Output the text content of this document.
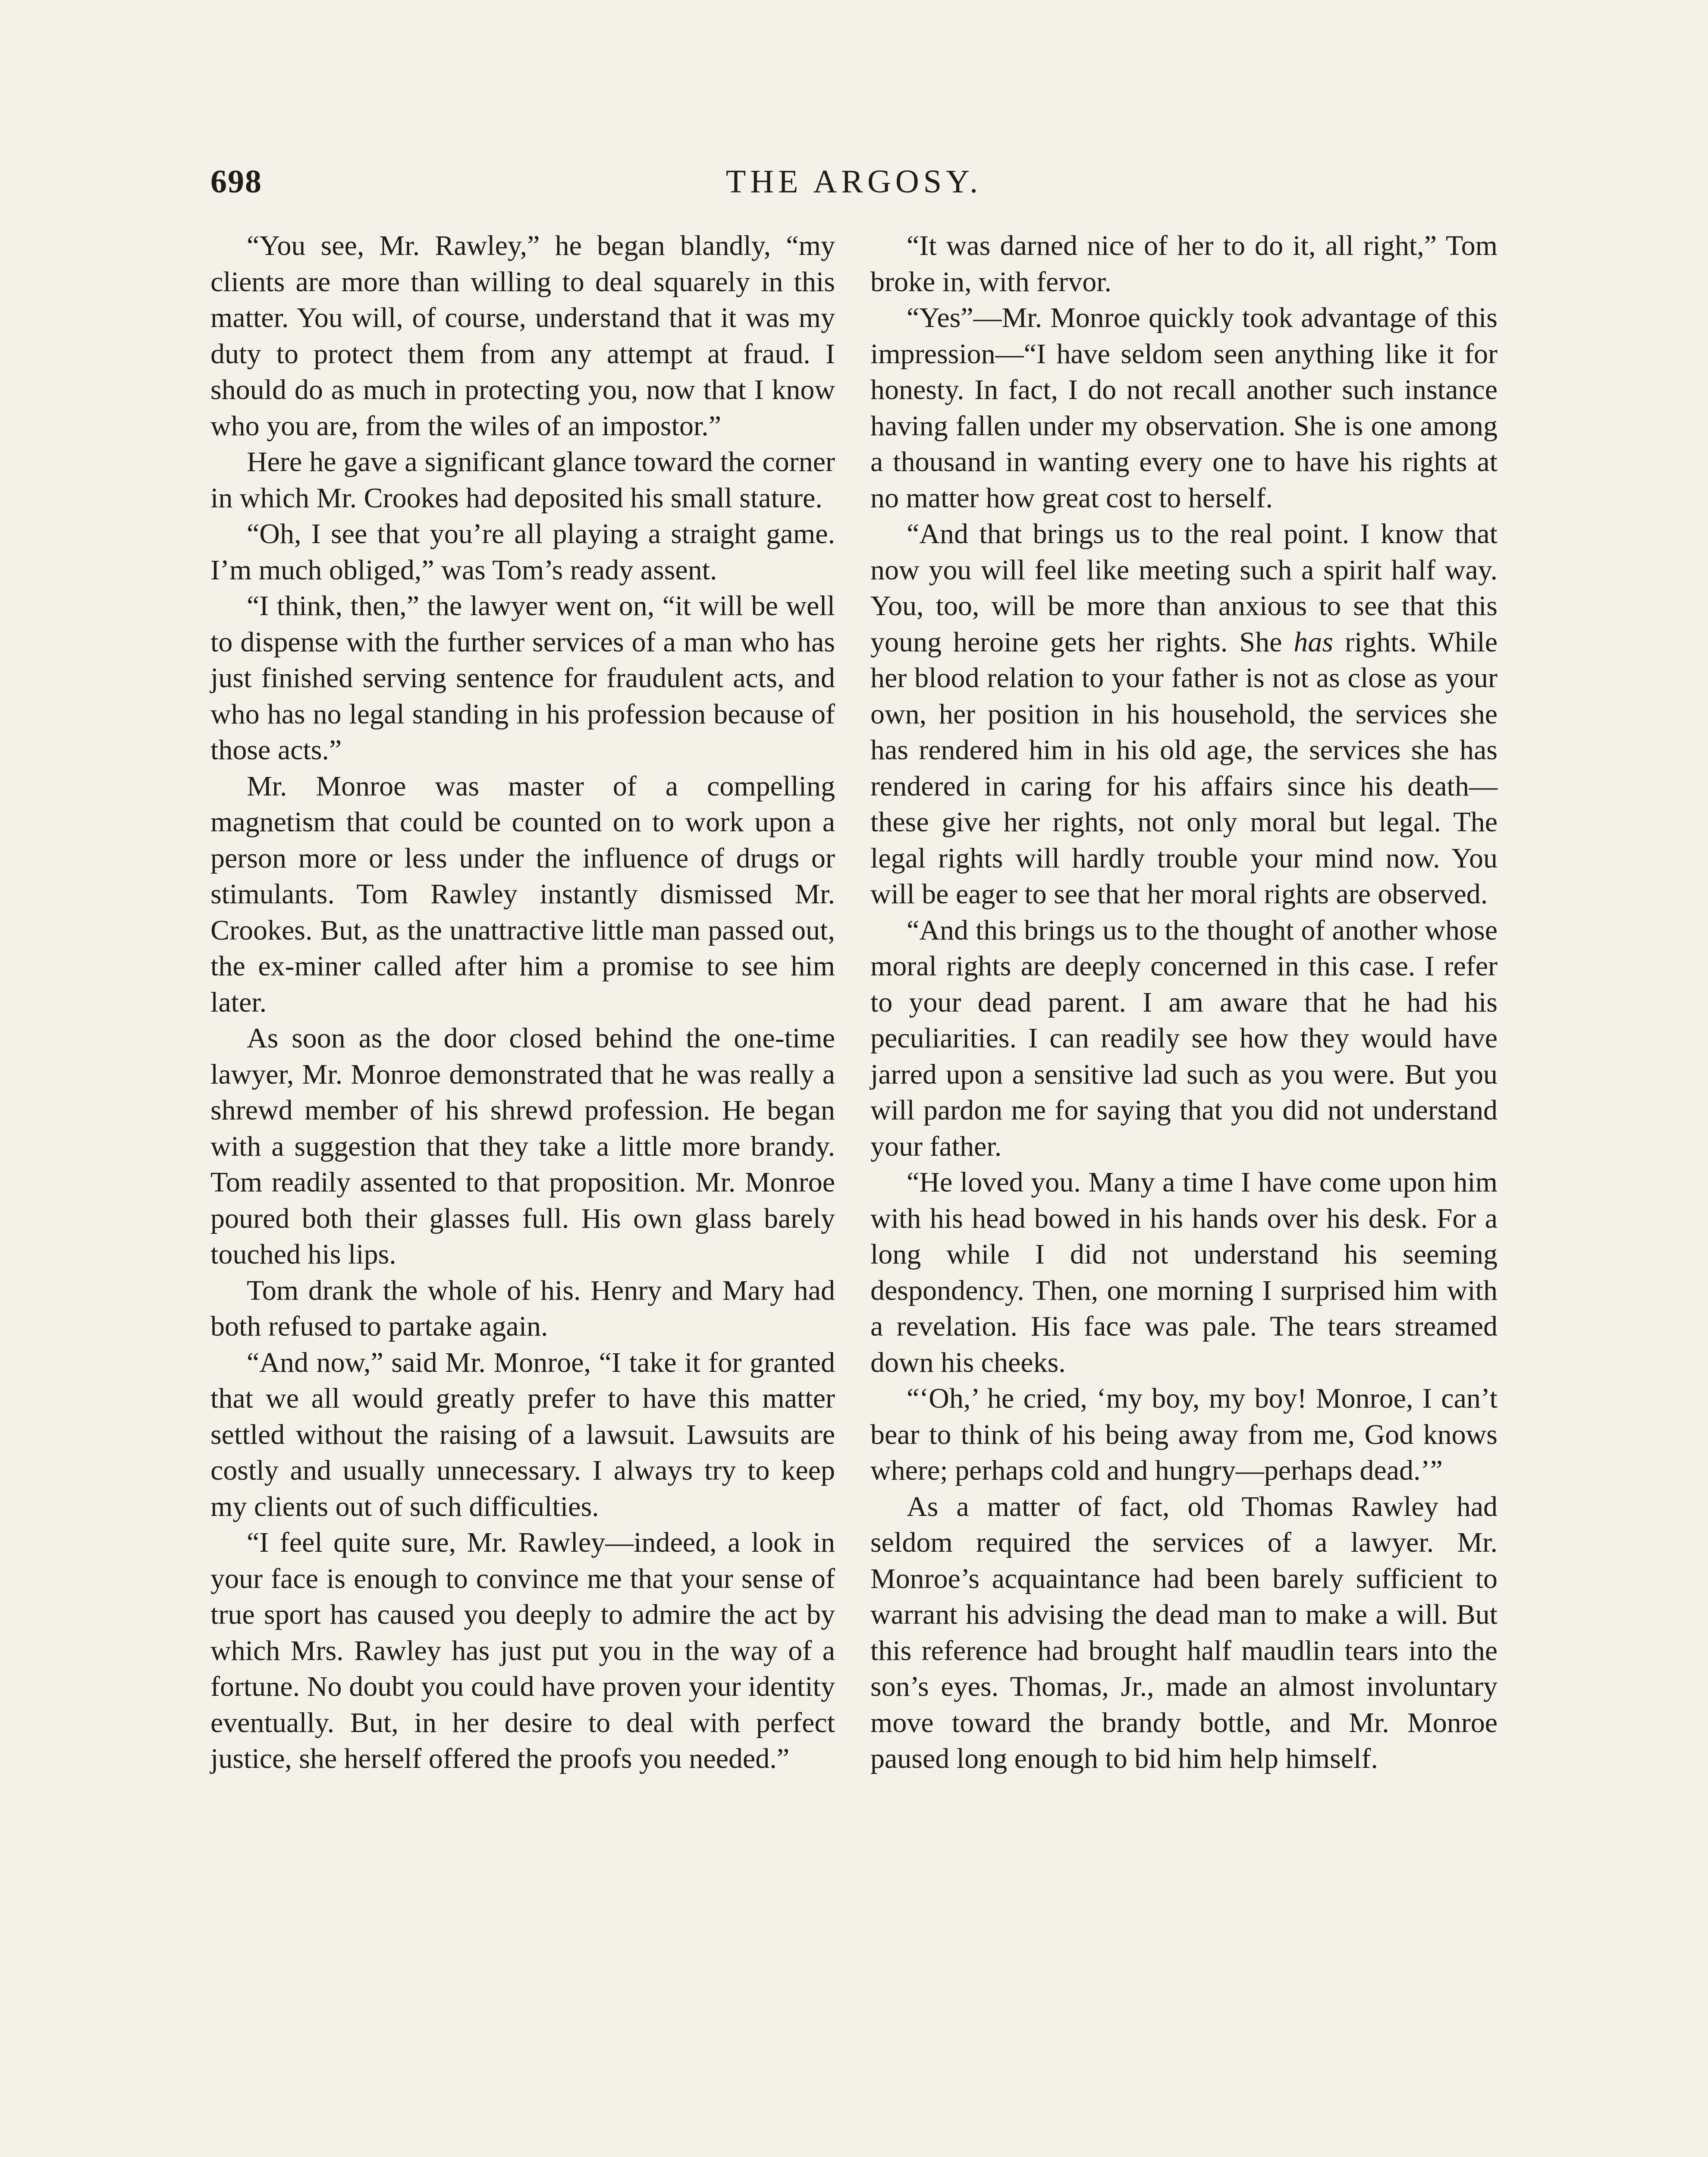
698	THE ARGOSY.

“You see, Mr. Rawley,” he began blandly, “my clients are more than willing to deal squarely in this matter. You will, of course, understand that it was my duty to protect them from any attempt at fraud. I should do as much in protecting you, now that I know who you are, from the wiles of an impostor.”

Here he gave a significant glance toward the corner in which Mr. Crookes had deposited his small stature.

“Oh, I see that you’re all playing a straight game. I’m much obliged,” was Tom’s ready assent.

“I think, then,” the lawyer went on, “it will be well to dispense with the further services of a man who has just finished serving sentence for fraudulent acts, and who has no legal standing in his profession because of those acts.”

Mr. Monroe was master of a compelling magnetism that could be counted on to work upon a person more or less under the influence of drugs or stimulants. Tom Rawley instantly dismissed Mr. Crookes. But, as the unattractive little man passed out, the ex-miner called after him a promise to see him later.

As soon as the door closed behind the one-time lawyer, Mr. Monroe demonstrated that he was really a shrewd member of his shrewd profession. He began with a suggestion that they take a little more brandy. Tom readily assented to that proposition. Mr. Monroe poured both their glasses full. His own glass barely touched his lips.

Tom drank the whole of his. Henry and Mary had both refused to partake again.

“And now,” said Mr. Monroe, “I take it for granted that we all would greatly prefer to have this matter settled without the raising of a lawsuit. Lawsuits are costly and usually unnecessary. I always try to keep my clients out of such difficulties.

“I feel quite sure, Mr. Rawley—indeed, a look in your face is enough to convince me that your sense of true sport has caused you deeply to admire the act by which Mrs. Rawley has just put you in the way of a fortune. No doubt you could have proven your identity eventually. But, in her desire to deal with perfect justice, she herself offered the proofs you needed.”

“It was darned nice of her to do it, all right,” Tom broke in, with fervor.

“Yes”—Mr. Monroe quickly took advantage of this impression—“I have seldom seen anything like it for honesty. In fact, I do not recall another such instance having fallen under my observation. She is one among a thousand in wanting every one to have his rights at no matter how great cost to herself.

“And that brings us to the real point. I know that now you will feel like meeting such a spirit half way. You, too, will be more than anxious to see that this young heroine gets her rights. She has rights. While her blood relation to your father is not as close as your own, her position in his household, the services she has rendered him in his old age, the services she has rendered in caring for his affairs since his death—these give her rights, not only moral but legal. The legal rights will hardly trouble your mind now. You will be eager to see that her moral rights are observed.

“And this brings us to the thought of another whose moral rights are deeply concerned in this case. I refer to your dead parent. I am aware that he had his peculiarities. I can readily see how they would have jarred upon a sensitive lad such as you were. But you will pardon me for saying that you did not understand your father.

“He loved you. Many a time I have come upon him with his head bowed in his hands over his desk. For a long while I did not understand his seeming despondency. Then, one morning I surprised him with a revelation. His face was pale. The tears streamed down his cheeks.

“‘Oh,’ he cried, ‘my boy, my boy! Monroe, I can’t bear to think of his being away from me, God knows where; perhaps cold and hungry—perhaps dead.’”

As a matter of fact, old Thomas Rawley had seldom required the services of a lawyer. Mr. Monroe’s acquaintance had been barely sufficient to warrant his advising the dead man to make a will. But this reference had brought half maudlin tears into the son’s eyes. Thomas, Jr., made an almost involuntary move toward the brandy bottle, and Mr. Monroe paused long enough to bid him help himself.
